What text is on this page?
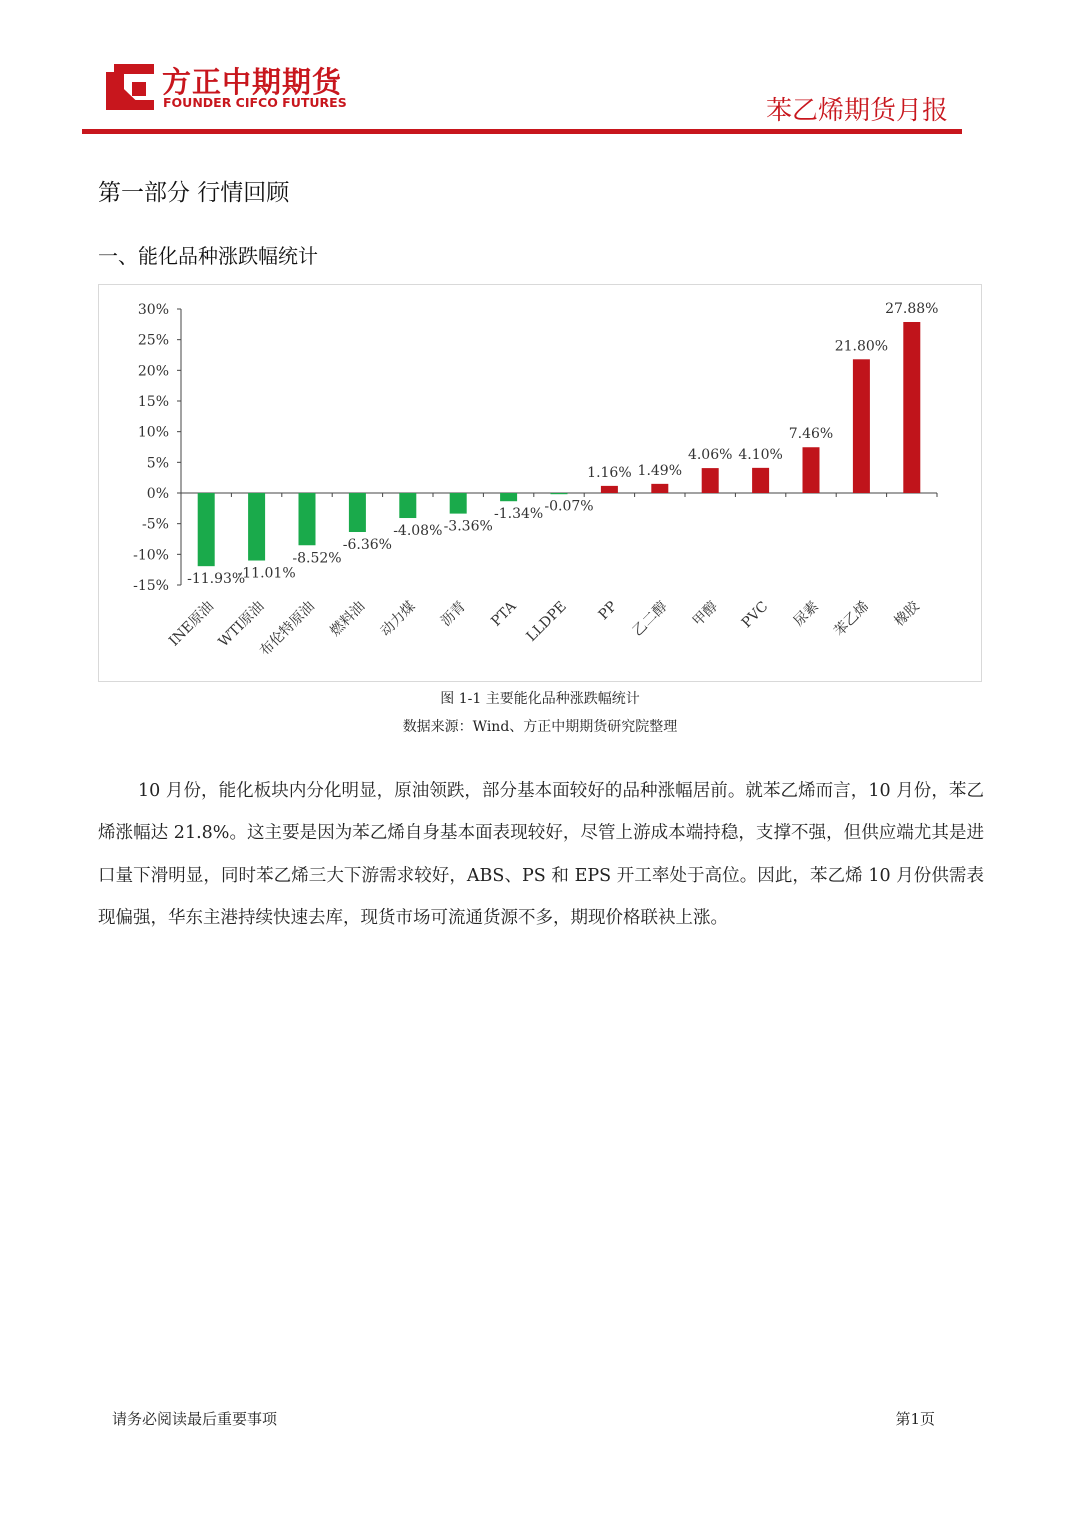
方正中期期货
FOUNDER CIFCO FUTURES	苯乙烯期货月报
第一部分 行情回顾
一、能化品种涨跌幅统计
-15%
-10%
-5%
0%
5%
10%
15%
20%
25%
30%
-11.93%
INE原油
-11.01%
WTI原油
-8.52%
布伦特原油
-6.36%
燃料油
-4.08%
动力煤
-3.36%
沥青
-1.34%
PTA
-0.07%
LLDPE
1.16%
PP
1.49%
乙二醇
4.06%
甲醇
4.10%
PVC
7.46%
尿素
21.80%
苯乙烯
27.88%
橡胶
图 1-1 主要能化品种涨跌幅统计
数据来源：Wind、方正中期期货研究院整理

10 月份，能化板块内分化明显，原油领跌，部分基本面较好的品种涨幅居前。就苯乙烯而言，10 月份，苯乙烯涨幅达 21.8%。这主要是因为苯乙烯自身基本面表现较好，尽管上游成本端持稳，支撑不强，但供应端尤其是进口量下滑明显，同时苯乙烯三大下游需求较好，ABS、PS 和 EPS 开工率处于高位。因此，苯乙烯 10 月份供需表现偏强，华东主港持续快速去库，现货市场可流通货源不多，期现价格联袂上涨。

请务必阅读最后重要事项	第1页
